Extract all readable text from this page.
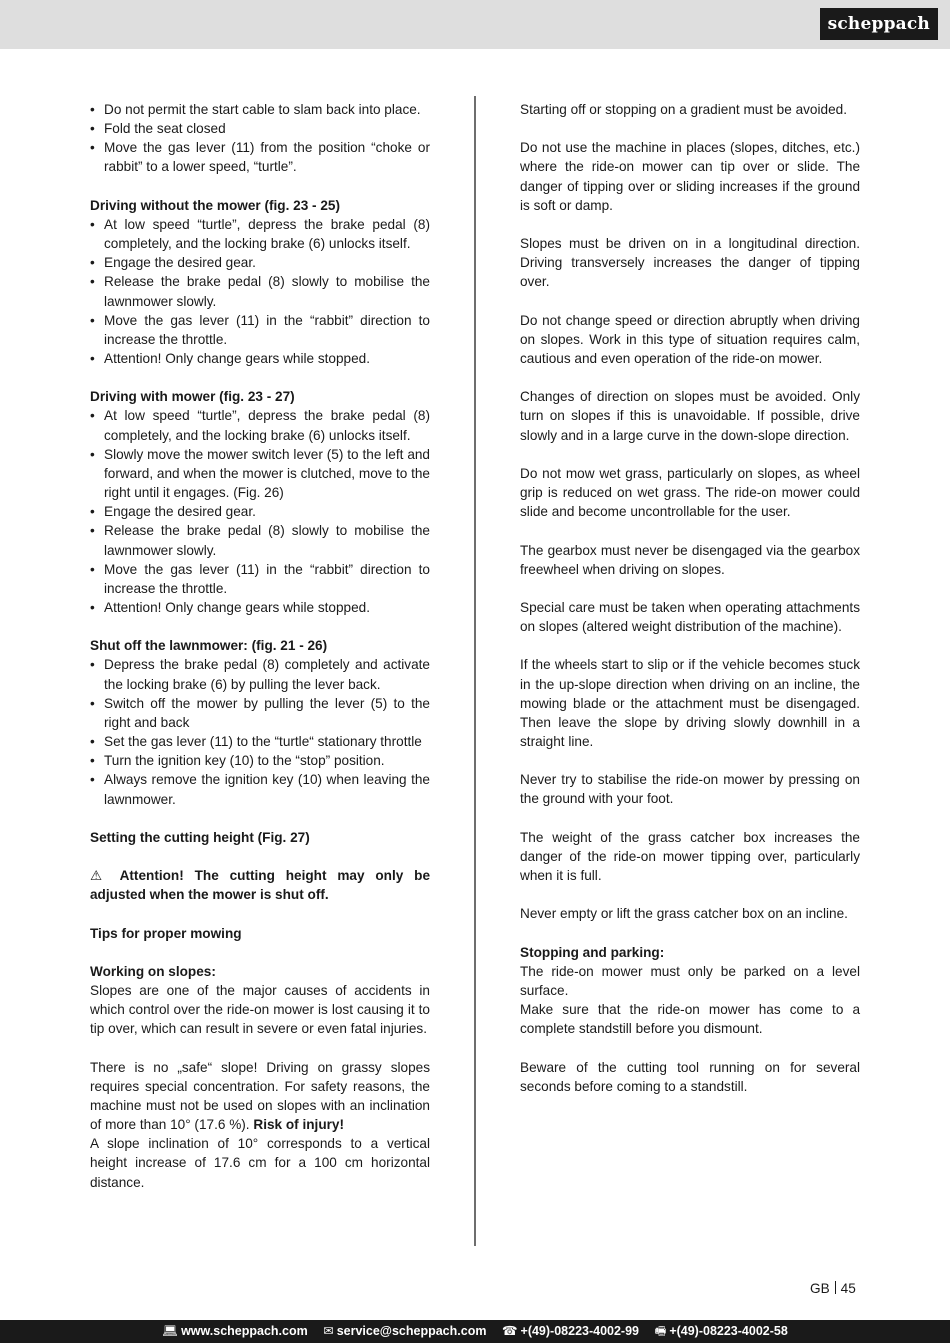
scheppach
• Do not permit the start cable to slam back into place.
• Fold the seat closed
• Move the gas lever (11) from the position “choke or rabbit” to a lower speed, “turtle”.
Driving without the mower (fig. 23 - 25)
• At low speed “turtle”, depress the brake pedal (8) completely, and the locking brake (6) unlocks itself.
• Engage the desired gear.
• Release the brake pedal (8) slowly to mobilise the lawnmower slowly.
• Move the gas lever (11) in the “rabbit” direction to increase the throttle.
• Attention! Only change gears while stopped.
Driving with mower (fig. 23 - 27)
• At low speed “turtle”, depress the brake pedal (8) completely, and the locking brake (6) unlocks itself.
• Slowly move the mower switch lever (5) to the left and forward, and when the mower is clutched, move to the right until it engages. (Fig. 26)
• Engage the desired gear.
• Release the brake pedal (8) slowly to mobilise the lawnmower slowly.
• Move the gas lever (11) in the “rabbit” direction to increase the throttle.
• Attention! Only change gears while stopped.
Shut off the lawnmower: (fig. 21 - 26)
• Depress the brake pedal (8) completely and activate the locking brake (6) by pulling the lever back.
• Switch off the mower by pulling the lever (5) to the right and back
• Set the gas lever (11) to the “turtle“ stationary throttle
• Turn the ignition key (10) to the “stop” position.
• Always remove the ignition key (10) when leaving the lawnmower.
Setting the cutting height (Fig. 27)

⚠ Attention! The cutting height may only be adjusted when the mower is shut off.

Tips for proper mowing
Working on slopes:

Slopes are one of the major causes of accidents in which control over the ride-on mower is lost causing it to tip over, which can result in severe or even fatal injuries.

There is no „safe“ slope! Driving on grassy slopes requires special concentration. For safety reasons, the machine must not be used on slopes with an inclination of more than 10° (17.6 %). Risk of injury!

A slope inclination of 10° corresponds to a vertical height increase of 17.6 cm for a 100 cm horizontal distance.

Starting off or stopping on a gradient must be avoided.

Do not use the machine in places (slopes, ditches, etc.) where the ride-on mower can tip over or slide. The danger of tipping over or sliding increases if the ground is soft or damp.

Slopes must be driven on in a longitudinal direction. Driving transversely increases the danger of tipping over.

Do not change speed or direction abruptly when driving on slopes. Work in this type of situation requires calm, cautious and even operation of the ride-on mower.

Changes of direction on slopes must be avoided. Only turn on slopes if this is unavoidable. If possible, drive slowly and in a large curve in the down-slope direction.

Do not mow wet grass, particularly on slopes, as wheel grip is reduced on wet grass. The ride-on mower could slide and become uncontrollable for the user.

The gearbox must never be disengaged via the gearbox freewheel when driving on slopes.

Special care must be taken when operating attachments on slopes (altered weight distribution of the machine).

If the wheels start to slip or if the vehicle becomes stuck in the up-slope direction when driving on an incline, the mowing blade or the attachment must be disengaged. Then leave the slope by driving slowly downhill in a straight line.

Never try to stabilise the ride-on mower by pressing on the ground with your foot.

The weight of the grass catcher box increases the danger of the ride-on mower tipping over, particularly when it is full.

Never empty or lift the grass catcher box on an incline.

Stopping and parking:

The ride-on mower must only be parked on a level surface.

Make sure that the ride-on mower has come to a complete standstill before you dismount.

Beware of the cutting tool running on for several seconds before coming to a standstill.

GB 45
💻︎ www.scheppach.com ✉︎ service@scheppach.com ☎︎ +(49)-08223-4002-99 🖷︎ +(49)-08223-4002-58
